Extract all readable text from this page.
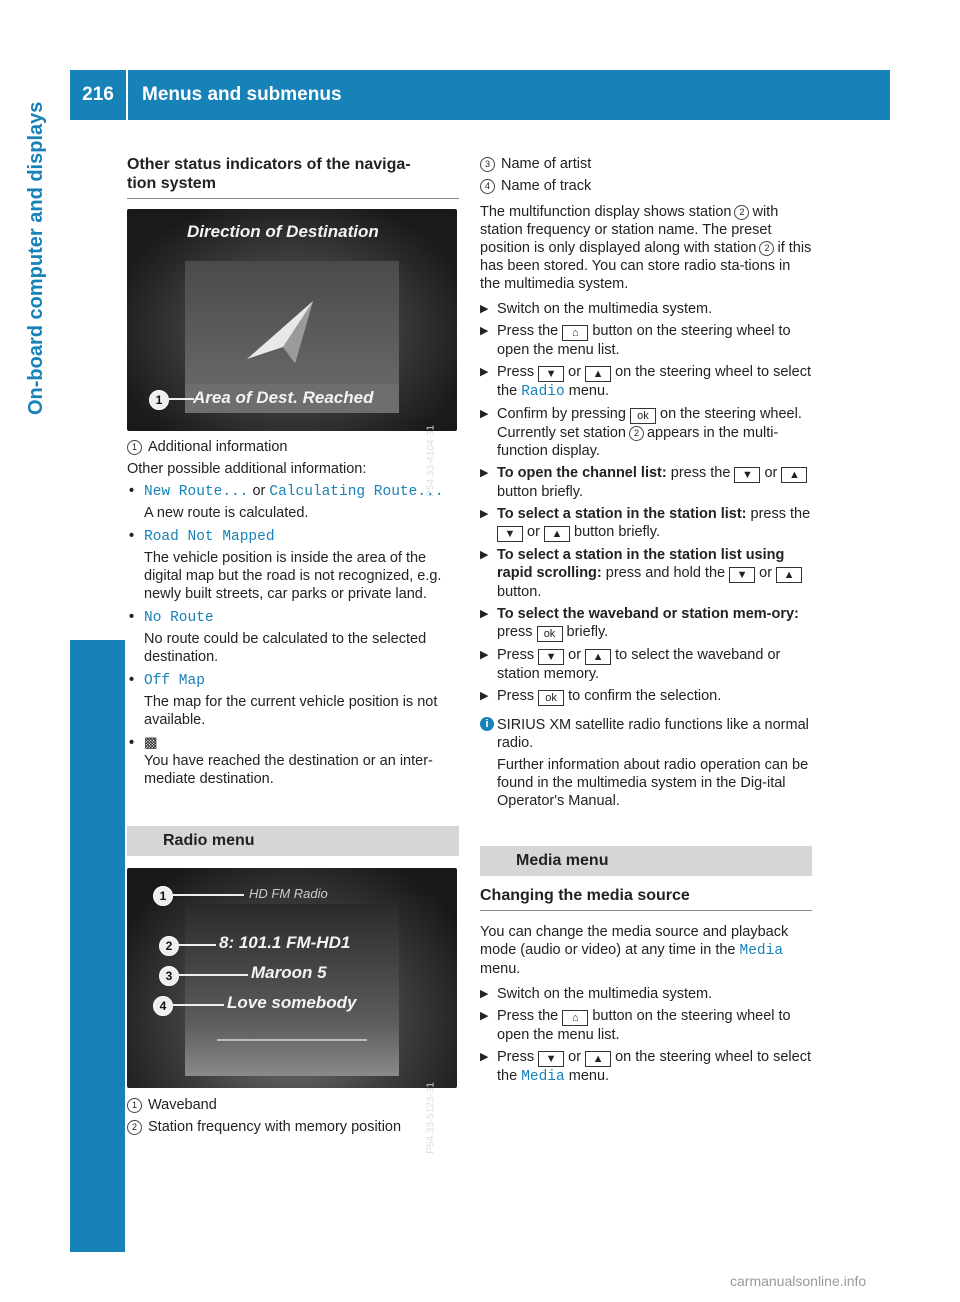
216	Menus and submenus
On-board computer and displays	Other status indicators of the naviga-
tion system
Direction of Destination
1	Area of Dest. Reached
P54.33-4104-31

1 Additional information

Other possible additional information:

• New Route... or Calculating Route...

A new route is calculated.

• Road Not Mapped

The vehicle position is inside the area of the digital map but the road is not recognized, e.g. newly built streets, car parks or private land.

• No Route

No route could be calculated to the selected destination.

• Off Map

The map for the current vehicle position is not available.

• ▩

You have reached the destination or an inter-mediate destination.

Radio menu
1	HD FM Radio
2	8: 101.1 FM-HD1
3	Maroon 5
4	Love somebody
P54.33-5123-31

1 Waveband

2 Station frequency with memory position

3 Name of artist

4 Name of track

The multifunction display shows station 2 with station frequency or station name. The preset position is only displayed along with station 2 if this has been stored. You can store radio sta-tions in the multimedia system.

▶ Switch on the multimedia system.
▶ Press the ⌂ button on the steering wheel to open the menu list.
▶ Press ▼ or ▲ on the steering wheel to select the Radio menu.
▶ Confirm by pressing ok on the steering wheel.
Currently set station 2 appears in the multi-function display.
▶ To open the channel list: press the ▼ or ▲ button briefly.
▶ To select a station in the station list: press the ▼ or ▲ button briefly.
▶ To select a station in the station list using rapid scrolling: press and hold the ▼ or ▲ button.
▶ To select the waveband or station mem-ory: press ok briefly.
▶ Press ▼ or ▲ to select the waveband or station memory.
▶ Press ok to confirm the selection.
i SIRIUS XM satellite radio functions like a normal radio.

Further information about radio operation can be found in the multimedia system in the Dig-ital Operator's Manual.

Media menu
Changing the media source

You can change the media source and playback mode (audio or video) at any time in the Media menu.

▶ Switch on the multimedia system.
▶ Press the ⌂ button on the steering wheel to open the menu list.
▶ Press ▼ or ▲ on the steering wheel to select the Media menu.
carmanualsonline.info
